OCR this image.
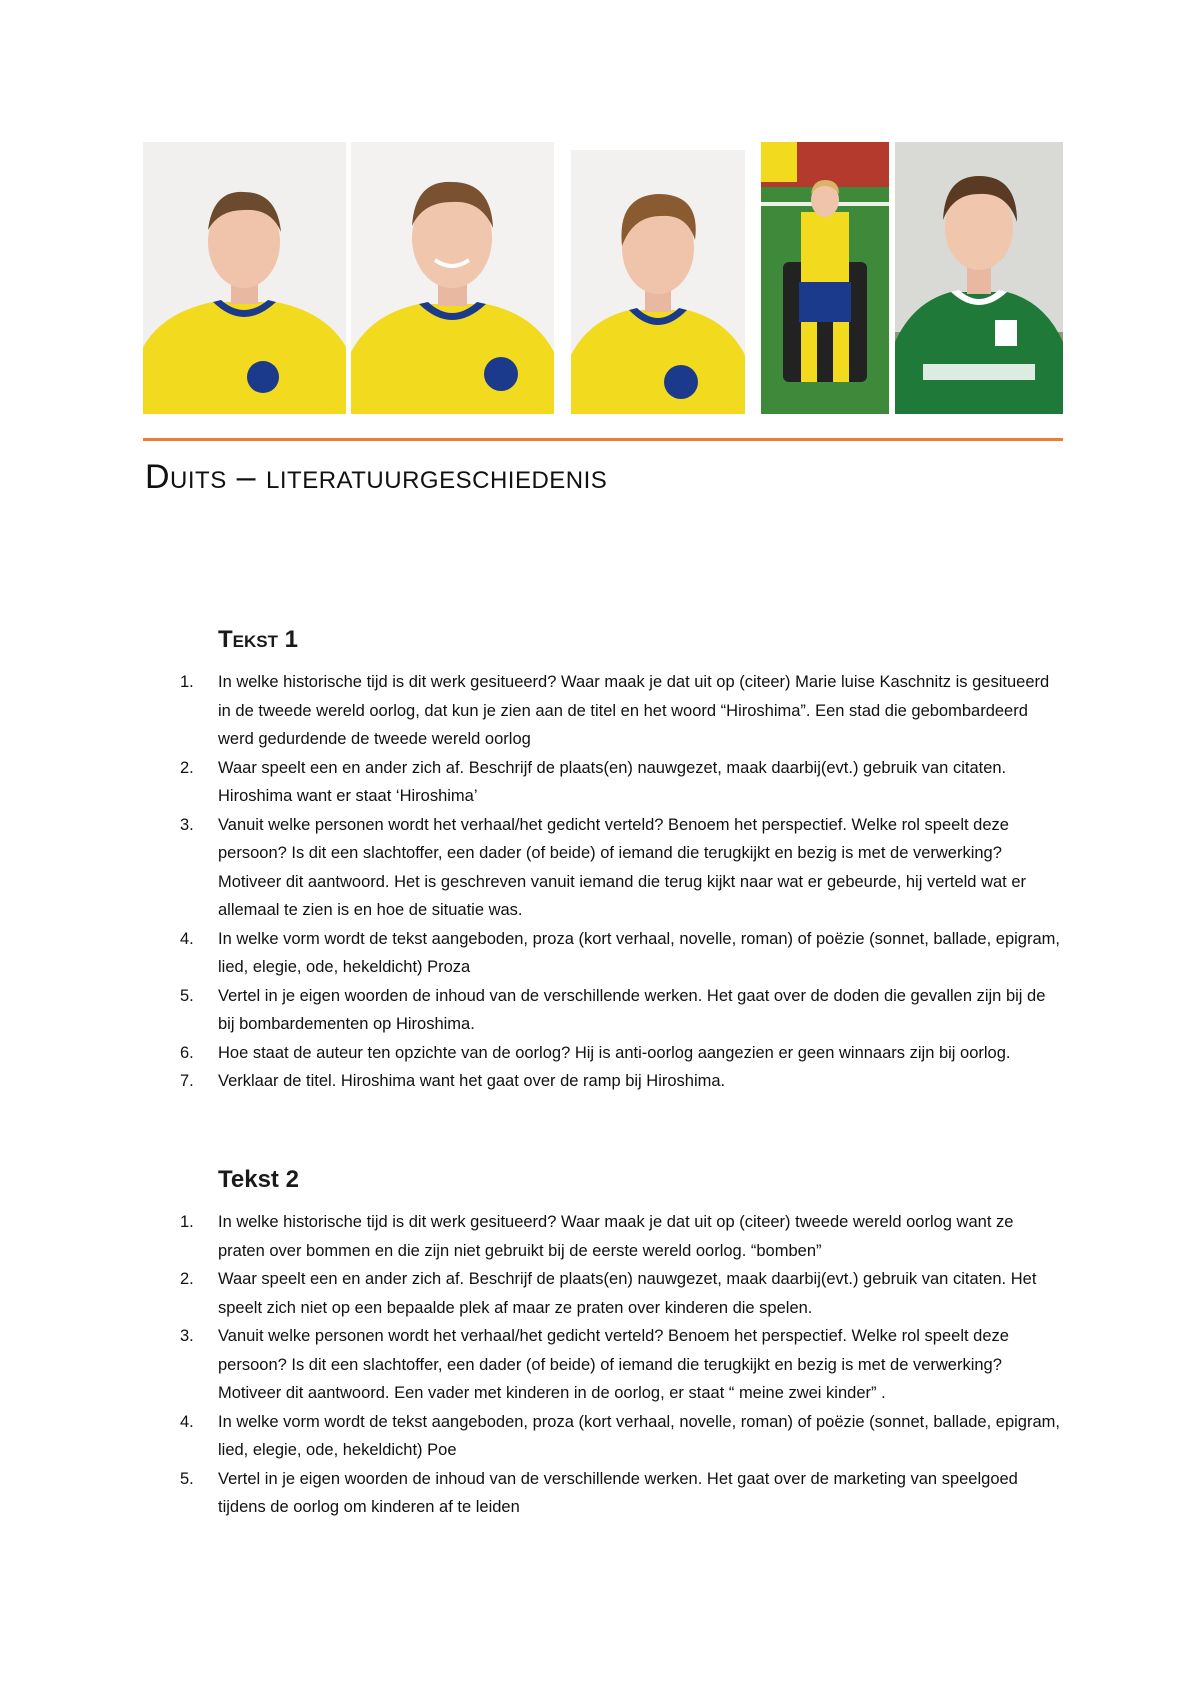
Duits – literatuurgeschiedenis
Tekst 1
1. In welke historische tijd is dit werk gesitueerd? Waar maak je dat uit op (citeer) Marie luise Kaschnitz is gesitueerd in de tweede wereld oorlog, dat kun je zien aan de titel en het woord “Hiroshima”. Een stad die gebombardeerd werd gedurdende de tweede wereld oorlog
2. Waar speelt een en ander zich af. Beschrijf de plaats(en) nauwgezet, maak daarbij(evt.) gebruik van citaten. Hiroshima want er staat ‘Hiroshima’
3. Vanuit welke personen wordt het verhaal/het gedicht verteld? Benoem het perspectief. Welke rol speelt deze persoon? Is dit een slachtoffer, een dader (of beide) of iemand die terugkijkt en bezig is met de verwerking? Motiveer dit aantwoord. Het is geschreven vanuit iemand die terug kijkt naar wat er gebeurde, hij verteld wat er allemaal te zien is en hoe de situatie was.
4. In welke vorm wordt de tekst aangeboden, proza (kort verhaal, novelle, roman) of poëzie (sonnet, ballade, epigram, lied, elegie, ode, hekeldicht) Proza
5. Vertel in je eigen woorden de inhoud van de verschillende werken. Het gaat over de doden die gevallen zijn bij de bij bombardementen op Hiroshima.
6. Hoe staat de auteur ten opzichte van de oorlog? Hij is anti-oorlog aangezien er geen winnaars zijn bij oorlog.
7. Verklaar de titel. Hiroshima want het gaat over de ramp bij Hiroshima.
Tekst 2
1. In welke historische tijd is dit werk gesitueerd? Waar maak je dat uit op (citeer) tweede wereld oorlog want ze praten over bommen en die zijn niet gebruikt bij de eerste wereld oorlog. “bomben”
2. Waar speelt een en ander zich af. Beschrijf de plaats(en) nauwgezet, maak daarbij(evt.) gebruik van citaten. Het speelt zich niet op een bepaalde plek af maar ze praten over kinderen die spelen.
3. Vanuit welke personen wordt het verhaal/het gedicht verteld? Benoem het perspectief. Welke rol speelt deze persoon? Is dit een slachtoffer, een dader (of beide) of iemand die terugkijkt en bezig is met de verwerking? Motiveer dit aantwoord. Een vader met kinderen in de oorlog, er staat “ meine zwei kinder” .
4. In welke vorm wordt de tekst aangeboden, proza (kort verhaal, novelle, roman) of poëzie (sonnet, ballade, epigram, lied, elegie, ode, hekeldicht) Poe
5. Vertel in je eigen woorden de inhoud van de verschillende werken. Het gaat over de marketing van speelgoed tijdens de oorlog om kinderen af te leiden
